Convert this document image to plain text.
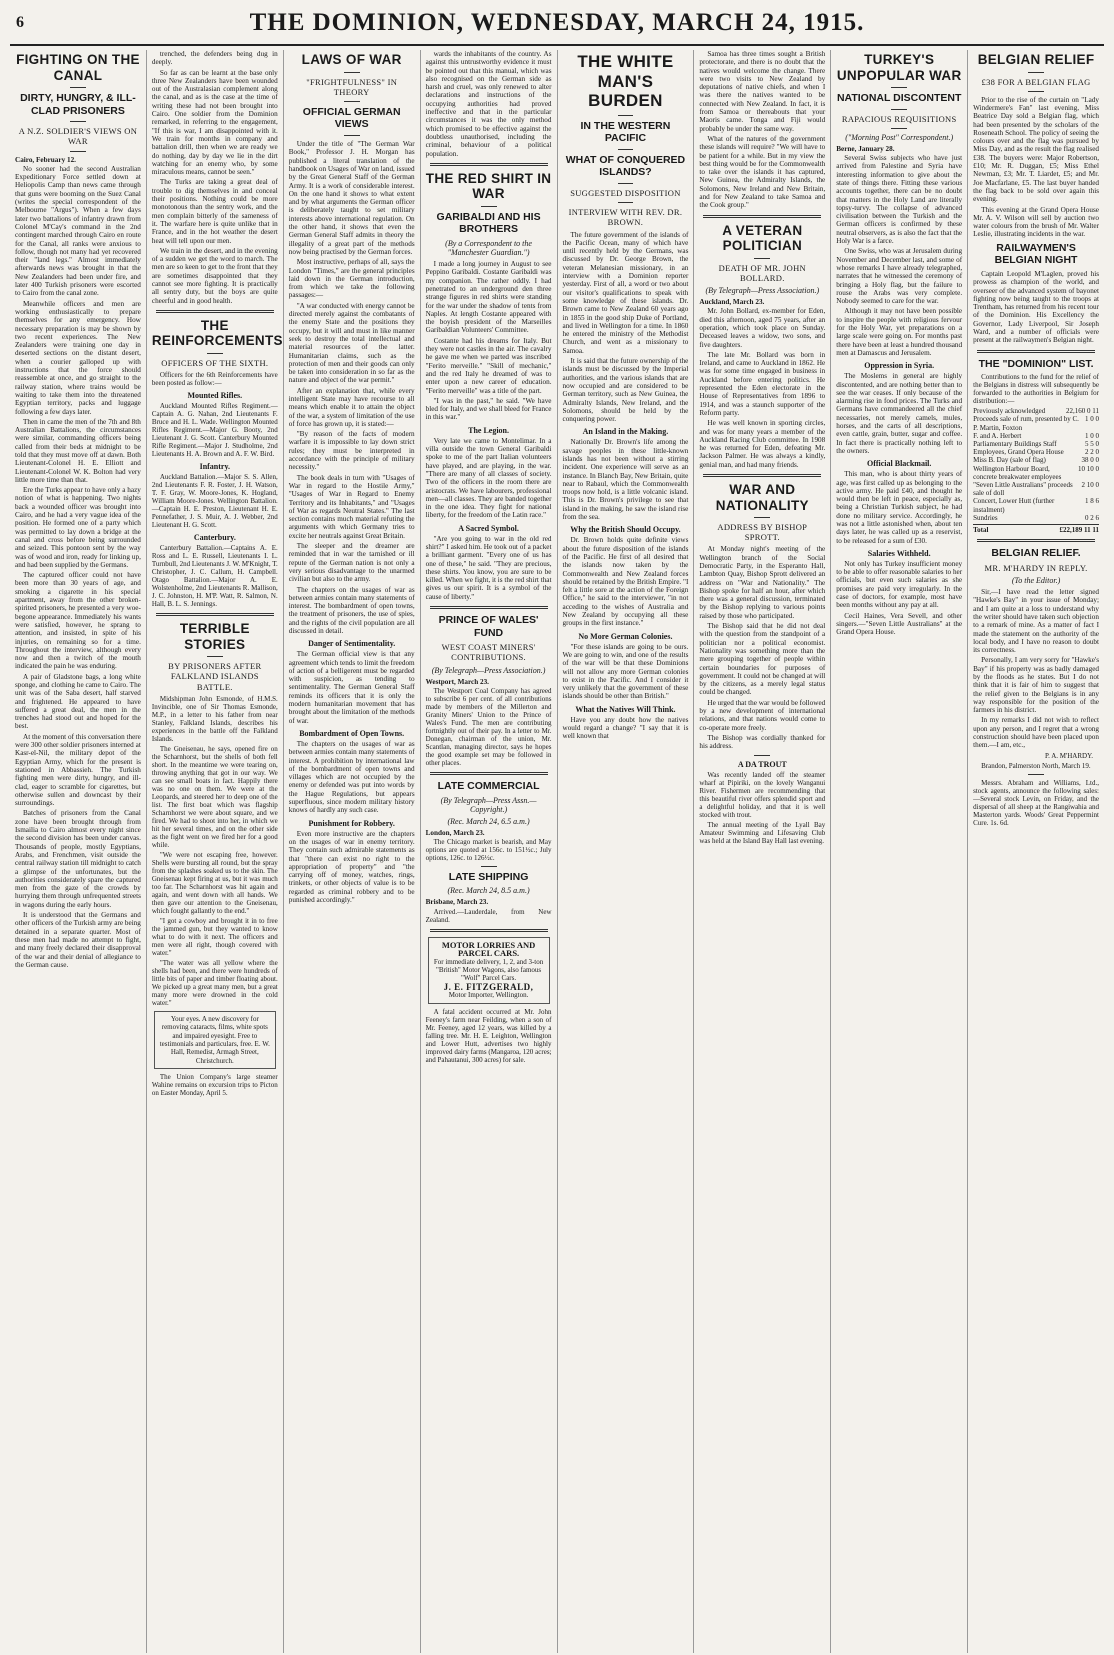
6	THE DOMINION, WEDNESDAY, MARCH 24, 1915.
FIGHTING ON THE CANAL
DIRTY, HUNGRY, & ILL-CLAD PRISONERS
A N.Z. SOLDIER'S VIEWS ON WAR
Cairo, February 12.

No sooner had the second Australian Expeditionary Force settled down at Heliopolis Camp than news came through that guns were booming on the Suez Canal (writes the special correspondent of the Melbourne "Argus"). When a few days later two battalions of infantry drawn from Colonel M'Cay's command in the 2nd contingent marched through Cairo en route for the Canal, all ranks were anxious to follow, though not many had yet recovered their "land legs." Almost immediately afterwards news was brought in that the New Zealanders had been under fire, and later 400 Turkish prisoners were escorted to Cairo from the canal zone.

Meanwhile officers and men are working enthusiastically to prepare themselves for any emergency. How necessary preparation is may be shown by two recent experiences. The New Zealanders were training one day in deserted sections on the distant desert, when a courier galloped up with instructions that the force should reassemble at once, and go straight to the railway station, where trains would be waiting to take them into the threatened Egyptian territory, packs and luggage following a few days later.

Then in came the men of the 7th and 8th Australian Battalions, the circumstances were similar, commanding officers being called from their beds at midnight to be told that they must move off at dawn. Both Lieutenant-Colonel H. E. Elliott and Lieutenant-Colonel W. K. Bolton had very little more time than that.

Ere the Turks appear to have only a hazy notion of what is happening. Two nights back a wounded officer was brought into Cairo, and he had a very vague idea of the position. He formed one of a party which was permitted to lay down a bridge at the canal and cross before being surrounded and seized. This pontoon sent by the way was of wood and iron, ready for linking up, and had been supplied by the Germans.

The captured officer could not have been more than 30 years of age, and smoking a cigarette in his special apartment, away from the other broken-spirited prisoners, he presented a very woe-begone appearance. Immediately his wants were satisfied, however, he sprang to attention, and insisted, in spite of his injuries, on remaining so for a time. Throughout the interview, although every now and then a twitch of the mouth indicated the pain he was enduring.

A pair of Gladstone bags, a long white sponge, and clothing he came to Cairo. The unit was of the Saba desert, half starved and frightened. He appeared to have suffered a great deal, the men in the trenches had stood out and hoped for the best.

At the moment of this conversation there were 300 other soldier prisoners interned at Kasr-el-Nil, the military depot of the Egyptian Army, which for the present is stationed in Abbassieh. The Turkish fighting men were dirty, hungry, and ill-clad, eager to scramble for cigarettes, but otherwise sullen and downcast by their surroundings.

Batches of prisoners from the Canal zone have been brought through from Ismailia to Cairo almost every night since the second division has been under canvas. Thousands of people, mostly Egyptians, Arabs, and Frenchmen, visit outside the central railway station till midnight to catch a glimpse of the unfortunates, but the authorities considerately spare the captured men from the gaze of the crowds by hurrying them through unfrequented streets in wagons during the early hours.

It is understood that the Germans and other officers of the Turkish army are being detained in a separate quarter. Most of these men had made no attempt to fight, and many freely declared their disapproval of the war and their denial of allegiance to the German cause.

trenched, the defenders being dug in deeply.

So far as can be learnt at the base only three New Zealanders have been wounded out of the Australasian complement along the canal, and as is the case at the time of writing these had not been brought into Cairo. One soldier from the Dominion remarked, in referring to the engagement, "If this is war, I am disappointed with it. We train for months in company and battalion drill, then when we are ready we do nothing, day by day we lie in the dirt watching for an enemy who, by some miraculous means, cannot be seen."

The Turks are taking a great deal of trouble to dig themselves in and conceal their positions. Nothing could be more monotonous than the sentry work, and the men complain bitterly of the sameness of it. The warfare here is quite unlike that in France, and in the hot weather the desert heat will tell upon our men.

We train in the desert, and in the evening of a sudden we get the word to march. The men are so keen to get to the front that they are sometimes disappointed that they cannot see more fighting. It is practically all sentry duty, but the boys are quite cheerful and in good health.

THE REINFORCEMENTS
OFFICERS OF THE SIXTH.

Officers for the 6th Reinforcements have been posted as follow:—

Mounted Rifles.

Auckland Mounted Rifles Regiment.—Captain A. G. Nahan, 2nd Lieutenants F. Bruce and H. L. Wade. Wellington Mounted Rifles Regiment.—Major G. Booty, 2nd Lieutenant J. G. Scott. Canterbury Mounted Rifle Regiment.—Major J. Studholme, 2nd Lieutenants H. A. Brown and A. F. W. Bird.

Infantry.

Auckland Battalion.—Major S. S. Allen, 2nd Lieutenants F. R. Foster, J. H. Watson, T. F. Gray, W. Moore-Jones, K. Hogland, William Moore-Jones. Wellington Battalion.—Captain H. E. Preston, Lieutenant H. E. Pennefather, J. S. Muir, A. J. Webber, 2nd Lieutenant H. G. Scott.

Canterbury.

Canterbury Battalion.—Captains A. E. Ross and L. E. Russell, Lieutenants I. L. Turnbull, 2nd Lieutenants J. W. M'Knight, T. Christopher, J. C. Callum, H. Campbell. Otago Battalion.—Major A. E. Wolstenholme, 2nd Lieutenants R. Mallison, J. C. Johnston, H. M'P. Watt, R. Salmon, N. Hall, B. L. S. Jennings.

TERRIBLE STORIES
BY PRISONERS AFTER FALKLAND ISLANDS BATTLE.

Midshipman John Esmonde, of H.M.S. Invincible, one of Sir Thomas Esmonde, M.P., in a letter to his father from near Stanley, Falkland Islands, describes his experiences in the battle off the Falkland Islands.

The Gneisenau, he says, opened fire on the Scharnhorst, but the shells of both fell short. In the meantime we were tearing on, throwing anything that got in our way. We can see small boats in fact. Happily there was no one on them. We were at the Leopards, and steered her to deep one of the list. The first boat which was flagship Scharnhorst we were about square, and we fired. We had to shoot into her, in which we hit her several times, and on the other side as the fight went on we fired her for a good while.

"We were not escaping free, however. Shells were bursting all round, but the spray from the splashes soaked us to the skin. The Gneisenau kept firing at us, but it was much too far. The Scharnhorst was hit again and again, and went down with all hands. We then gave our attention to the Gneisenau, which fought gallantly to the end."

"I got a cowboy and brought it in to free the jammed gun, but they wanted to know what to do with it next. The officers and men were all right, though covered with water."

"The water was all yellow where the shells had been, and there were hundreds of little bits of paper and timber floating about. We picked up a great many men, but a great many more were drowned in the cold water."

Your eyes. A new discovery for removing cataracts, films, white spots and impaired eyesight. Free to testimonials and particulars, free. E. W. Hall, Remedist, Armagh Street, Christchurch.

The Union Company's large steamer Wahine remains on excursion trips to Picton on Easter Monday, April 5.

LAWS OF WAR
"FRIGHTFULNESS" IN THEORY
OFFICIAL GERMAN VIEWS

Under the title of "The German War Book," Professor J. H. Morgan has published a literal translation of the handbook on Usages of War on land, issued by the Great General Staff of the German Army. It is a work of considerable interest. On the one hand it shows to what extent and by what arguments the German officer is deliberately taught to set military interests above international regulation. On the other hand, it shows that even the German General Staff admits in theory the illegality of a great part of the methods now being practised by the German forces.

Most instructive, perhaps of all, says the London "Times," are the general principles laid down in the German introduction, from which we take the following passages:—

"A war conducted with energy cannot be directed merely against the combatants of the enemy State and the positions they occupy, but it will and must in like manner seek to destroy the total intellectual and material resources of the latter. Humanitarian claims, such as the protection of men and their goods can only be taken into consideration in so far as the nature and object of the war permit."

After an explanation that, while every intelligent State may have recourse to all means which enable it to attain the object of the war, a system of limitation of the use of force has grown up, it is stated:—

"By reason of the facts of modern warfare it is impossible to lay down strict rules; they must be interpreted in accordance with the principle of military necessity."

The book deals in turn with "Usages of War in regard to the Hostile Army," "Usages of War in Regard to Enemy Territory and its Inhabitants," and "Usages of War as regards Neutral States." The last section contains much material refuting the arguments with which Germany tries to excite her neutrals against Great Britain.

The sleeper and the dreamer are reminded that in war the tarnished or ill repute of the German nation is not only a very serious disadvantage to the unarmed civilian but also to the army.

The chapters on the usages of war as between armies contain many statements of interest. The bombardment of open towns, the treatment of prisoners, the use of spies, and the rights of the civil population are all discussed in detail.

Danger of Sentimentality.

The German official view is that any agreement which tends to limit the freedom of action of a belligerent must be regarded with suspicion, as tending to sentimentality. The German General Staff reminds its officers that it is only the modern humanitarian movement that has brought about the limitation of the methods of war.

Bombardment of Open Towns.

The chapters on the usages of war as between armies contain many statements of interest. A prohibition by international law of the bombardment of open towns and villages which are not occupied by the enemy or defended was put into words by the Hague Regulations, but appears superfluous, since modern military history knows of hardly any such case.

Punishment for Robbery.

Even more instructive are the chapters on the usages of war in enemy territory. They contain such admirable statements as that "there can exist no right to the appropriation of property" and "the carrying off of money, watches, rings, trinkets, or other objects of value is to be regarded as criminal robbery and to be punished accordingly."

wards the inhabitants of the country. As against this untrustworthy evidence it must be pointed out that this manual, which was also recognised on the German side as harsh and cruel, was only renewed to alter declarations and instructions of the occupying authorities had proved ineffective and that in the particular circumstances it was the only method which promised to be effective against the doubtless unauthorised, including the criminal, behaviour of a political population.

THE RED SHIRT IN WAR
GARIBALDI AND HIS BROTHERS
(By a Correspondent to the "Manchester Guardian.")

I made a long journey in August to see Peppino Garibaldi. Costante Garibaldi was my companion. The rather oddly. I had penetrated to an underground den three strange figures in red shirts were standing for the war under the shadow of tents from Naples. At length Costante appeared with the boyish president of the Marseilles Garibaldian Volunteers' Committee.

Costante had his dreams for Italy. But they were not castles in the air. The cavalry he gave me when we parted was inscribed "Ferito merveille." "Skill of mechanic," and the red Italy he dreamed of was to enter upon a new career of education. "Ferito merveille" was a title of the part.

"I was in the past," he said. "We have bled for Italy, and we shall bleed for France in this war."

The Legion.

Very late we came to Montelimar. In a villa outside the town General Garibaldi spoke to me of the part Italian volunteers have played, and are playing, in the war. "There are many of all classes of society. Two of the officers in the room there are aristocrats. We have labourers, professional men—all classes. They are banded together in the one idea. They fight for national liberty, for the freedom of the Latin race."

A Sacred Symbol.

"Are you going to war in the old red shirt?" I asked him. He took out of a packet a brilliant garment. "Every one of us has one of these," he said. "They are precious, these shirts. You know, you are sure to be killed. When we fight, it is the red shirt that gives us our spirit. It is a symbol of the cause of liberty."

PRINCE OF WALES' FUND
WEST COAST MINERS' CONTRIBUTIONS.
(By Telegraph—Press Association.)
Westport, March 23.

The Westport Coal Company has agreed to subscribe 6 per cent. of all contributions made by members of the Millerton and Granity Miners' Union to the Prince of Wales's Fund. The men are contributing fortnightly out of their pay. In a letter to Mr. Donegan, chairman of the union, Mr. Scantlan, managing director, says he hopes the good example set may be followed in other places.

LATE COMMERCIAL
(By Telegraph—Press Assn.—Copyright.)
(Rec. March 24, 6.5 a.m.)
London, March 23.

The Chicago market is bearish, and May options are quoted at 156c. to 151½c.; July options, 126c. to 126½c.

LATE SHIPPING
(Rec. March 24, 8.5 a.m.)
Brisbane, March 23.

Arrived.—Lauderdale, from New Zealand.

MOTOR LORRIES AND PARCEL CARS.
For immediate delivery, 1, 2, and 3-ton "British" Motor Wagons, also famous "Wolf" Parcel Cars.
J. E. FITZGERALD,
Motor Importer, Wellington.

A fatal accident occurred at Mr. John Feeney's farm near Feilding, when a son of Mr. Feeney, aged 12 years, was killed by a falling tree. Mr. H. E. Leighton, Wellington and Lower Hutt, advertises two highly improved dairy farms (Mangaroa, 120 acres; and Pahautanui, 300 acres) for sale.

THE WHITE MAN'S BURDEN
IN THE WESTERN PACIFIC
WHAT OF CONQUERED ISLANDS?
SUGGESTED DISPOSITION
INTERVIEW WITH REV. DR. BROWN.

The future government of the islands of the Pacific Ocean, many of which have until recently held by the Germans, was discussed by Dr. George Brown, the veteran Melanesian missionary, in an interview with a Dominion reporter yesterday. First of all, a word or two about our visitor's qualifications to speak with some knowledge of these islands. Dr. Brown came to New Zealand 60 years ago in 1855 in the good ship Duke of Portland, and lived in Wellington for a time. In 1860 he entered the ministry of the Methodist Church, and went as a missionary to Samoa.

It is said that the future ownership of the islands must be discussed by the Imperial authorities, and the various islands that are now occupied and are considered to be German territory, such as New Guinea, the Admiralty Islands, New Ireland, and the Solomons, should be held by the conquering power.

An Island in the Making.

Nationally Dr. Brown's life among the savage peoples in these little-known islands has not been without a stirring incident. One experience will serve as an instance. In Blanch Bay, New Britain, quite near to Rabaul, which the Commonwealth troops now hold, is a little volcanic island. This is Dr. Brown's privilege to see that island in the making, he saw the island rise from the sea.

Why the British Should Occupy.

Dr. Brown holds quite definite views about the future disposition of the islands of the Pacific. He first of all desired that the islands now taken by the Commonwealth and New Zealand forces should be retained by the British Empire. "I felt a little sore at the action of the Foreign Office," he said to the interviewer, "in not acceding to the wishes of Australia and New Zealand by occupying all these groups in the first instance."

No More German Colonies.

"For these islands are going to be ours. We are going to win, and one of the results of the war will be that these Dominions will not allow any more German colonies to exist in the Pacific. And I consider it very unlikely that the government of these islands should be other than British."

What the Natives Will Think.

Have you any doubt how the natives would regard a change? "I say that it is well known that

Samoa has three times sought a British protectorate, and there is no doubt that the natives would welcome the change. There were two visits to New Zealand by deputations of native chiefs, and when I was there the natives wanted to be connected with New Zealand. In fact, it is from Samoa or thereabouts that your Maoris came. Tonga and Fiji would probably be under the same way.

What of the natures of the government these islands will require? "We will have to be patient for a while. But in my view the best thing would be for the Commonwealth to take over the islands it has captured, New Guinea, the Admiralty Islands, the Solomons, New Ireland and New Britain, and for New Zealand to take Samoa and the Cook group."

A VETERAN POLITICIAN
DEATH OF MR. JOHN BOLLARD.
(By Telegraph—Press Association.)
Auckland, March 23.

Mr. John Bollard, ex-member for Eden, died this afternoon, aged 75 years, after an operation, which took place on Sunday. Deceased leaves a widow, two sons, and five daughters.

The late Mr. Bollard was born in Ireland, and came to Auckland in 1862. He was for some time engaged in business in Auckland before entering politics. He represented the Eden electorate in the House of Representatives from 1896 to 1914, and was a staunch supporter of the Reform party.

He was well known in sporting circles, and was for many years a member of the Auckland Racing Club committee. In 1908 he was returned for Eden, defeating Mr. Jackson Palmer. He was always a kindly, genial man, and had many friends.

WAR AND NATIONALITY
ADDRESS BY BISHOP SPROTT.

At Monday night's meeting of the Wellington branch of the Social Democratic Party, in the Esperanto Hall, Lambton Quay, Bishop Sprott delivered an address on "War and Nationality." The Bishop spoke for half an hour, after which there was a general discussion, terminated by the Bishop replying to various points raised by those who participated.

The Bishop said that he did not deal with the question from the standpoint of a politician nor a political economist. Nationality was something more than the mere grouping together of people within certain boundaries for purposes of government. It could not be changed at will by the citizens, as a merely legal status could be changed.

He urged that the war would be followed by a new development of international relations, and that nations would come to co-operate more freely.

The Bishop was cordially thanked for his address.

A DA TROUT

Was recently landed off the steamer wharf at Pipiriki, on the lovely Wanganui River. Fishermen are recommending that this beautiful river offers splendid sport and a delightful holiday, and that it is well stocked with trout.

The annual meeting of the Lyall Bay Amateur Swimming and Lifesaving Club was held at the Island Bay Hall last evening.

TURKEY'S UNPOPULAR WAR
NATIONAL DISCONTENT
RAPACIOUS REQUISITIONS
("Morning Post" Correspondent.)
Berne, January 28.

Several Swiss subjects who have just arrived from Palestine and Syria have interesting information to give about the state of things there. Fitting these various accounts together, there can be no doubt that matters in the Holy Land are literally topsy-turvy. The collapse of advanced civilisation between the Turkish and the German officers is confirmed by these neutral observers, as is also the fact that the Holy War is a farce.

One Swiss, who was at Jerusalem during November and December last, and some of whose remarks I have already telegraphed, narrates that he witnessed the ceremony of bringing a Holy flag, but the failure to rouse the Arabs was very complete. Nobody seemed to care for the war.

Although it may not have been possible to inspire the people with religious fervour for the Holy War, yet preparations on a large scale were going on. For months past there have been at least a hundred thousand men at Damascus and Jerusalem.

Oppression in Syria.

The Moslems in general are highly discontented, and are nothing better than to see the war ceases. If only because of the alarming rise in food prices. The Turks and Germans have commandeered all the chief necessaries, not merely camels, mules, horses, and the carts of all descriptions, even cattle, grain, butter, sugar and coffee. In fact there is practically nothing left to the owners.

Official Blackmail.

This man, who is about thirty years of age, was first called up as belonging to the active army. He paid £40, and thought he would then be left in peace, especially as, being a Christian Turkish subject, he had done no military service. Accordingly, he was not a little astonished when, about ten days later, he was called up as a reservist, to be released for a sum of £30.

Salaries Withheld.

Not only has Turkey insufficient money to be able to offer reasonable salaries to her officials, but even such salaries as she promises are paid very irregularly. In the case of doctors, for example, most have been months without any pay at all.

Cecil Haines, Vera Sevell, and other singers.—"Seven Little Australians" at the Grand Opera House.

BELGIAN RELIEF
£38 FOR A BELGIAN FLAG

Prior to the rise of the curtain on "Lady Windermere's Fan" last evening, Miss Beatrice Day sold a Belgian flag, which had been presented by the scholars of the Roseneath School. The policy of seeing the colours over and the flag was pursued by Miss Day, and as the result the flag realised £38. The buyers were: Major Robertson, £10; Mr. R. Duggan, £5; Miss Ethel Newman, £3; Mr. T. Liardet, £5; and Mr. Joe Macfarlane, £5. The last buyer handed the flag back to be sold over again this evening.

This evening at the Grand Opera House Mr. A. V. Wilson will sell by auction two water colours from the brush of Mr. Walter Leslie, illustrating incidents in the war.

RAILWAYMEN'S BELGIAN NIGHT

Captain Leopold M'Laglen, proved his prowess as champion of the world, and overseer of the advanced system of bayonet fighting now being taught to the troops at Trentham, has returned from his recent tour of the Dominion. His Excellency the Governor, Lady Liverpool, Sir Joseph Ward, and a number of officials were present at the railwaymen's Belgian night.

THE "DOMINION" LIST.

Contributions to the fund for the relief of the Belgians in distress will subsequently be forwarded to the authorities in Belgium for distribution:—

Previously acknowledged	22,160 0 11
Proceeds sale of rum, presented by C. P. Martin, Foxton
1 0 0
F. and A. Herbert	1 0 0
Parliamentary Buildings Staff	5 5 0
Employees, Grand Opera House	2 2 0
Miss B. Day (sale of flag)	38 0 0
Wellington Harbour Board, concrete breakwater employees
10 10 0
"Seven Little Australians" proceeds sale of doll
2 10 0
Concert, Lower Hutt (further instalment)
1 8 6
Sundries	0 2 6
Total	£22,189 11 11
BELGIAN RELIEF.
MR. M'HARDY IN REPLY.
(To the Editor.)

Sir,—I have read the letter signed "Hawke's Bay" in your issue of Monday; and I am quite at a loss to understand why the writer should have taken such objection to a remark of mine. As a matter of fact I made the statement on the authority of the local body, and I have no reason to doubt its correctness.

Personally, I am very sorry for "Hawke's Bay" if his property was as badly damaged by the floods as he states. But I do not think that it is fair of him to suggest that the relief given to the Belgians is in any way responsible for the position of the farmers in his district.

In my remarks I did not wish to reflect upon any person, and I regret that a wrong construction should have been placed upon them.—I am, etc.,

P. A. M'HARDY.

Brandon, Palmerston North, March 19.

Messrs. Abraham and Williams, Ltd., stock agents, announce the following sales:—Several stock Levin, on Friday, and the dispersal of all sheep at the Rangiwahia and Masterton yards. Woods' Great Peppermint Cure. 1s. 6d.
